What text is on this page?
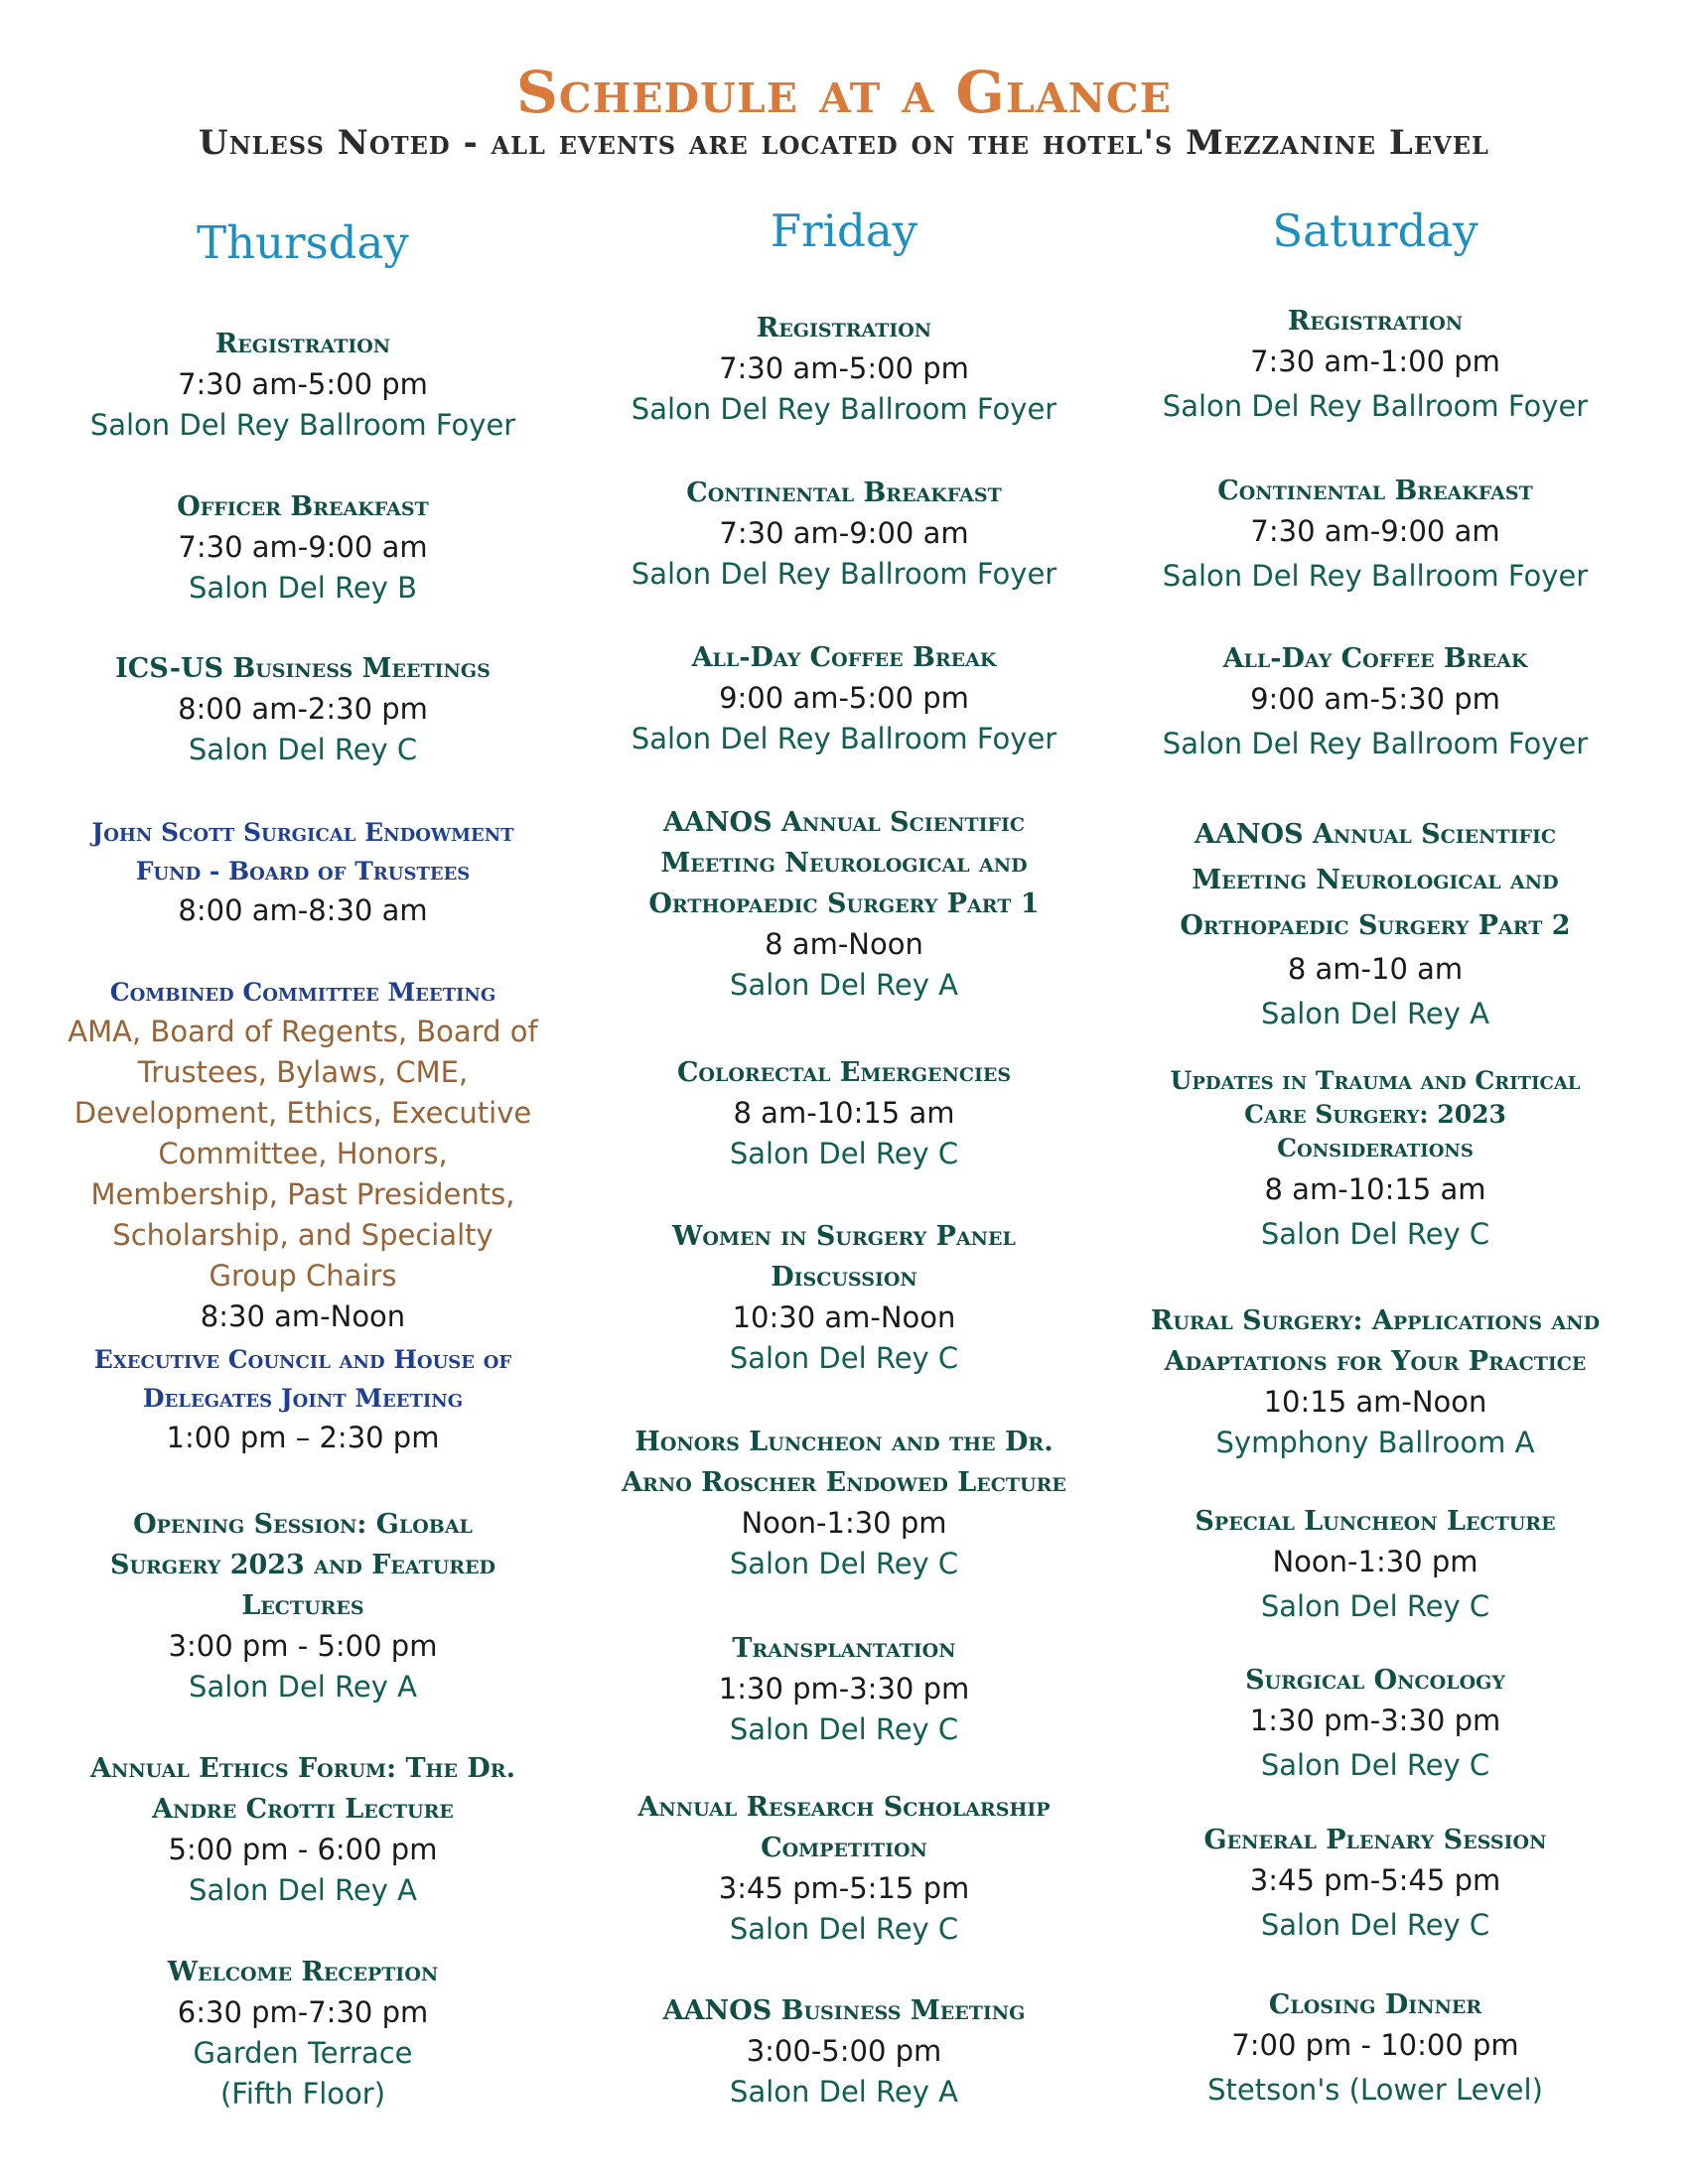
Schedule at a Glance
Unless Noted - all events are located on the hotel's Mezzanine Level
Thursday
Registration
7:30 am-5:00 pm
Salon Del Rey Ballroom Foyer
Officer Breakfast
7:30 am-9:00 am
Salon Del Rey B
ICS-US Business Meetings
8:00 am-2:30 pm
Salon Del Rey C
John Scott Surgical Endowment Fund - Board of Trustees
8:00 am-8:30 am
Combined Committee Meeting
AMA, Board of Regents, Board of Trustees, Bylaws, CME, Development, Ethics, Executive Committee, Honors, Membership, Past Presidents, Scholarship, and Specialty Group Chairs
8:30 am-Noon
Executive Council and House of Delegates Joint Meeting
1:00 pm – 2:30 pm
Opening Session: Global Surgery 2023 and Featured Lectures
3:00 pm - 5:00 pm
Salon Del Rey A
Annual Ethics Forum: The Dr. Andre Crotti Lecture
5:00 pm - 6:00 pm
Salon Del Rey A
Welcome Reception
6:30 pm-7:30 pm
Garden Terrace
(Fifth Floor)
Friday
Registration
7:30 am-5:00 pm
Salon Del Rey Ballroom Foyer
Continental Breakfast
7:30 am-9:00 am
Salon Del Rey Ballroom Foyer
All-Day Coffee Break
9:00 am-5:00 pm
Salon Del Rey Ballroom Foyer
AANOS Annual Scientific Meeting Neurological and Orthopaedic Surgery Part 1
8 am-Noon
Salon Del Rey A
Colorectal Emergencies
8 am-10:15 am
Salon Del Rey C
Women in Surgery Panel Discussion
10:30 am-Noon
Salon Del Rey C
Honors Luncheon and the Dr. Arno Roscher Endowed Lecture
Noon-1:30 pm
Salon Del Rey C
Transplantation
1:30 pm-3:30 pm
Salon Del Rey C
Annual Research Scholarship Competition
3:45 pm-5:15 pm
Salon Del Rey C
AANOS Business Meeting
3:00-5:00 pm
Salon Del Rey A
Saturday
Registration
7:30 am-1:00 pm
Salon Del Rey Ballroom Foyer
Continental Breakfast
7:30 am-9:00 am
Salon Del Rey Ballroom Foyer
All-Day Coffee Break
9:00 am-5:30 pm
Salon Del Rey Ballroom Foyer
AANOS Annual Scientific Meeting Neurological and Orthopaedic Surgery Part 2
8 am-10 am
Salon Del Rey A
Updates in Trauma and Critical Care Surgery: 2023 Considerations
8 am-10:15 am
Salon Del Rey C
Rural Surgery: Applications and Adaptations for Your Practice
10:15 am-Noon
Symphony Ballroom A
Special Luncheon Lecture
Noon-1:30 pm
Salon Del Rey C
Surgical Oncology
1:30 pm-3:30 pm
Salon Del Rey C
General Plenary Session
3:45 pm-5:45 pm
Salon Del Rey C
Closing Dinner
7:00 pm - 10:00 pm
Stetson's (Lower Level)
